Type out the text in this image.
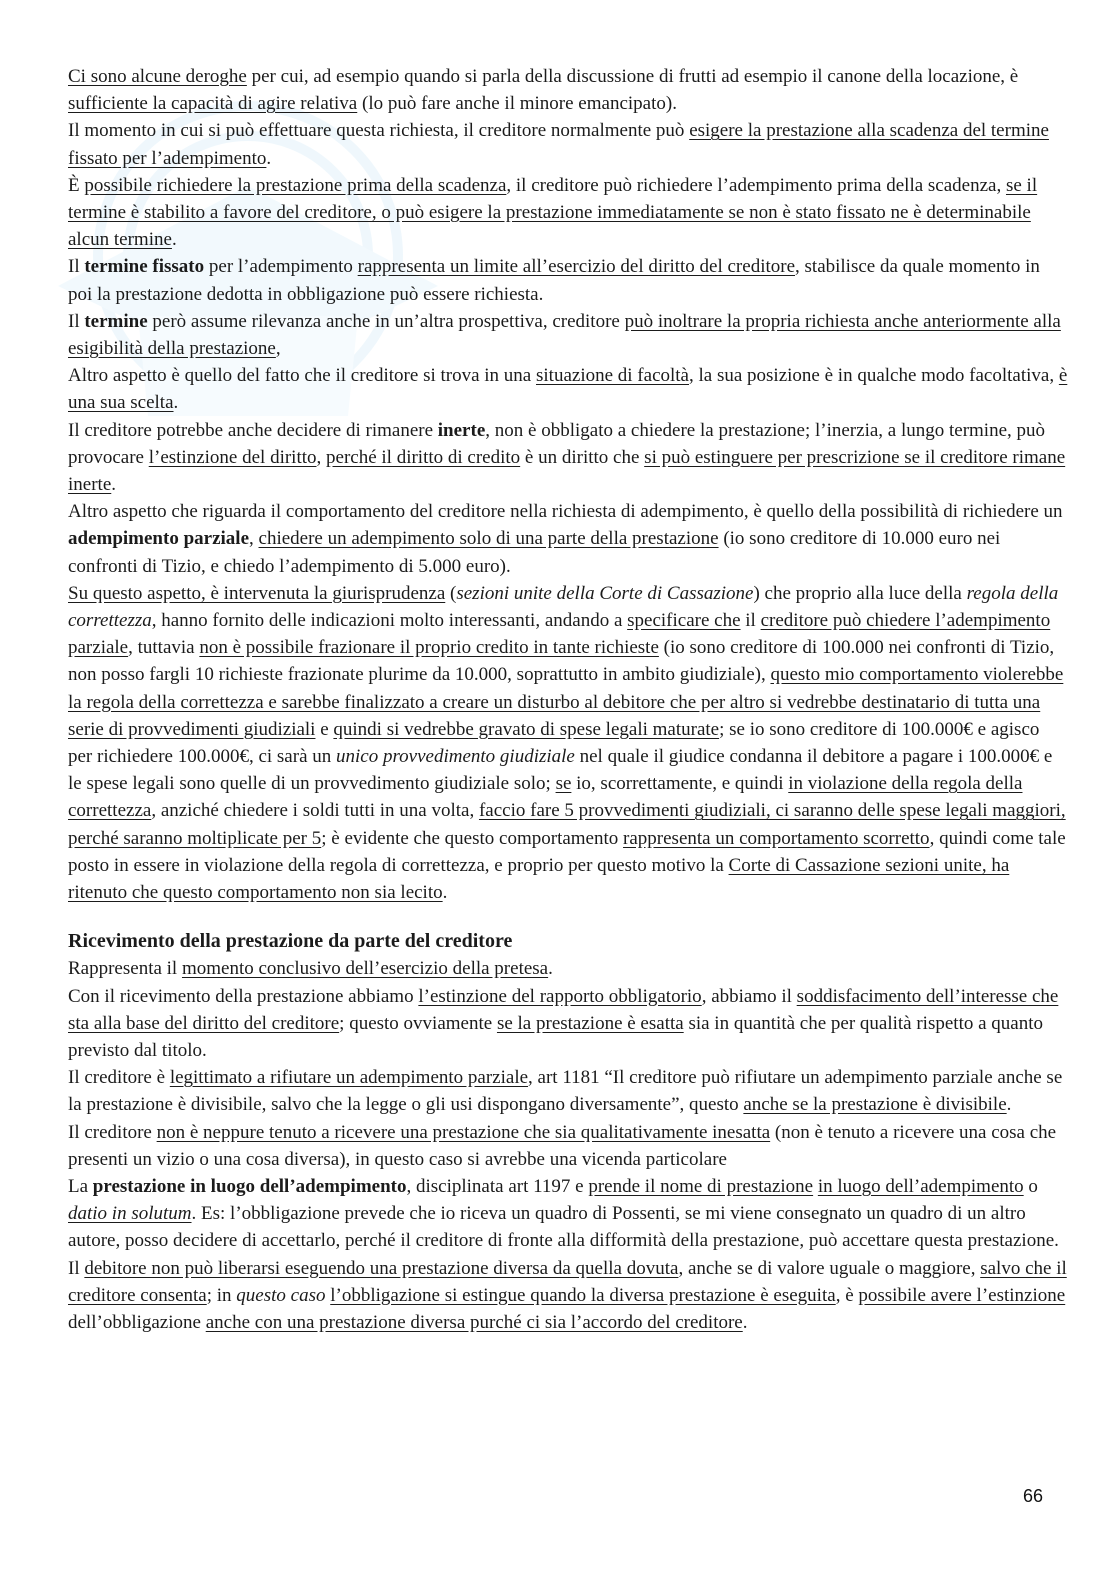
Ci sono alcune deroghe per cui, ad esempio quando si parla della discussione di frutti ad esempio il canone della locazione, è sufficiente la capacità di agire relativa (lo può fare anche il minore emancipato).

Il momento in cui si può effettuare questa richiesta, il creditore normalmente può esigere la prestazione alla scadenza del termine fissato per l’adempimento.

È possibile richiedere la prestazione prima della scadenza, il creditore può richiedere l’adempimento prima della scadenza, se il termine è stabilito a favore del creditore, o può esigere la prestazione immediatamente se non è stato fissato ne è determinabile alcun termine.

Il termine fissato per l’adempimento rappresenta un limite all’esercizio del diritto del creditore, stabilisce da quale momento in poi la prestazione dedotta in obbligazione può essere richiesta.

Il termine però assume rilevanza anche in un’altra prospettiva, creditore può inoltrare la propria richiesta anche anteriormente alla esigibilità della prestazione,

Altro aspetto è quello del fatto che il creditore si trova in una situazione di facoltà, la sua posizione è in qualche modo facoltativa, è una sua scelta.

Il creditore potrebbe anche decidere di rimanere inerte, non è obbligato a chiedere la prestazione; l’inerzia, a lungo termine, può provocare l’estinzione del diritto, perché il diritto di credito è un diritto che si può estinguere per prescrizione se il creditore rimane inerte.

Altro aspetto che riguarda il comportamento del creditore nella richiesta di adempimento, è quello della possibilità di richiedere un adempimento parziale, chiedere un adempimento solo di una parte della prestazione (io sono creditore di 10.000 euro nei confronti di Tizio, e chiedo l’adempimento di 5.000 euro).

Su questo aspetto, è intervenuta la giurisprudenza (sezioni unite della Corte di Cassazione) che proprio alla luce della regola della correttezza, hanno fornito delle indicazioni molto interessanti, andando a specificare che il creditore può chiedere l’adempimento parziale, tuttavia non è possibile frazionare il proprio credito in tante richieste (io sono creditore di 100.000 nei confronti di Tizio, non posso fargli 10 richieste frazionate plurime da 10.000, soprattutto in ambito giudiziale), questo mio comportamento violerebbe la regola della correttezza e sarebbe finalizzato a creare un disturbo al debitore che per altro si vedrebbe destinatario di tutta una serie di provvedimenti giudiziali e quindi si vedrebbe gravato di spese legali maturate; se io sono creditore di 100.000€ e agisco per richiedere 100.000€, ci sarà un unico provvedimento giudiziale nel quale il giudice condanna il debitore a pagare i 100.000€ e le spese legali sono quelle di un provvedimento giudiziale solo; se io, scorrettamente, e quindi in violazione della regola della correttezza, anziché chiedere i soldi tutti in una volta, faccio fare 5 provvedimenti giudiziali, ci saranno delle spese legali maggiori, perché saranno moltiplicate per 5; è evidente che questo comportamento rappresenta un comportamento scorretto, quindi come tale posto in essere in violazione della regola di correttezza, e proprio per questo motivo la Corte di Cassazione sezioni unite, ha ritenuto che questo comportamento non sia lecito.

Ricevimento della prestazione da parte del creditore

Rappresenta il momento conclusivo dell’esercizio della pretesa.

Con il ricevimento della prestazione abbiamo l’estinzione del rapporto obbligatorio, abbiamo il soddisfacimento dell’interesse che sta alla base del diritto del creditore; questo ovviamente se la prestazione è esatta sia in quantità che per qualità rispetto a quanto previsto dal titolo.

Il creditore è legittimato a rifiutare un adempimento parziale, art 1181 “Il creditore può rifiutare un adempimento parziale anche se la prestazione è divisibile, salvo che la legge o gli usi dispongano diversamente”, questo anche se la prestazione è divisibile.

Il creditore non è neppure tenuto a ricevere una prestazione che sia qualitativamente inesatta (non è tenuto a ricevere una cosa che presenti un vizio o una cosa diversa), in questo caso si avrebbe una vicenda particolare

La prestazione in luogo dell’adempimento, disciplinata art 1197 e prende il nome di prestazione in luogo dell’adempimento o datio in solutum. Es: l’obbligazione prevede che io riceva un quadro di Possenti, se mi viene consegnato un quadro di un altro autore, posso decidere di accettarlo, perché il creditore di fronte alla difformità della prestazione, può accettare questa prestazione.

Il debitore non può liberarsi eseguendo una prestazione diversa da quella dovuta, anche se di valore uguale o maggiore, salvo che il creditore consenta; in questo caso l’obbligazione si estingue quando la diversa prestazione è eseguita, è possibile avere l’estinzione dell’obbligazione anche con una prestazione diversa purché ci sia l’accordo del creditore.

66
